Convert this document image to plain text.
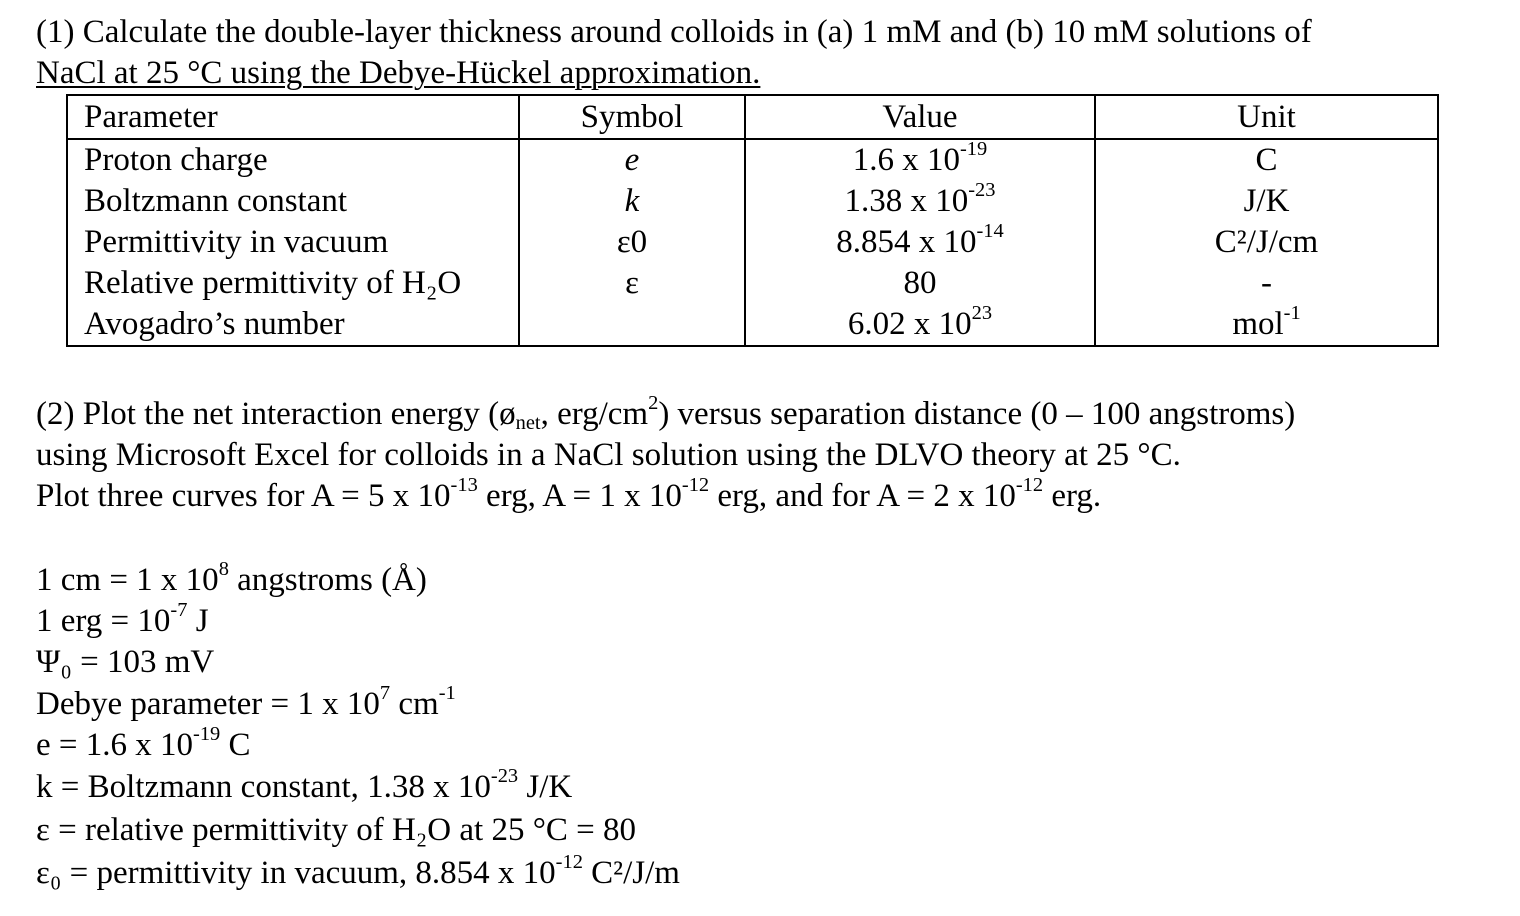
(1) Calculate the double-layer thickness around colloids in (a) 1 mM and (b) 10 mM solutions of
NaCl at 25 °C using the Debye-Hückel approximation.
Parameter	Symbol	Value	Unit
Proton charge	e	1.6 x $10^{-19}$	C
Boltzmann constant	k	1.38 x $10^{-23}$	J/K
Permittivity in vacuum	ε0	8.854 x $10^{-14}$	C²/J/cm
Relative permittivity of H₂O	ε	80	-
Avogadro’s number		6.02 x $10^{23}$	mol$^{-1}$
(2) Plot the net interaction energy ($ø_{net}$, erg/$cm^2$) versus separation distance (0 – 100 angstroms)
using Microsoft Excel for colloids in a NaCl solution using the DLVO theory at 25 °C.
Plot three curves for A = 5 x $10^{-13}$ erg, A = 1 x $10^{-12}$ erg, and for A = 2 x $10^{-12}$ erg.
1 cm = 1 x $10^8$ angstroms (Å)
1 erg = $10^{-7}$ J
Ψ₀ = 103 mV
Debye parameter = 1 x $10^7$ $cm^{-1}$
e = 1.6 x $10^{-19}$ C
k = Boltzmann constant, 1.38 x $10^{-23}$ J/K
ε = relative permittivity of H₂O at 25 °C = 80
ε₀ = permittivity in vacuum, 8.854 x $10^{-12}$ C²/J/m
